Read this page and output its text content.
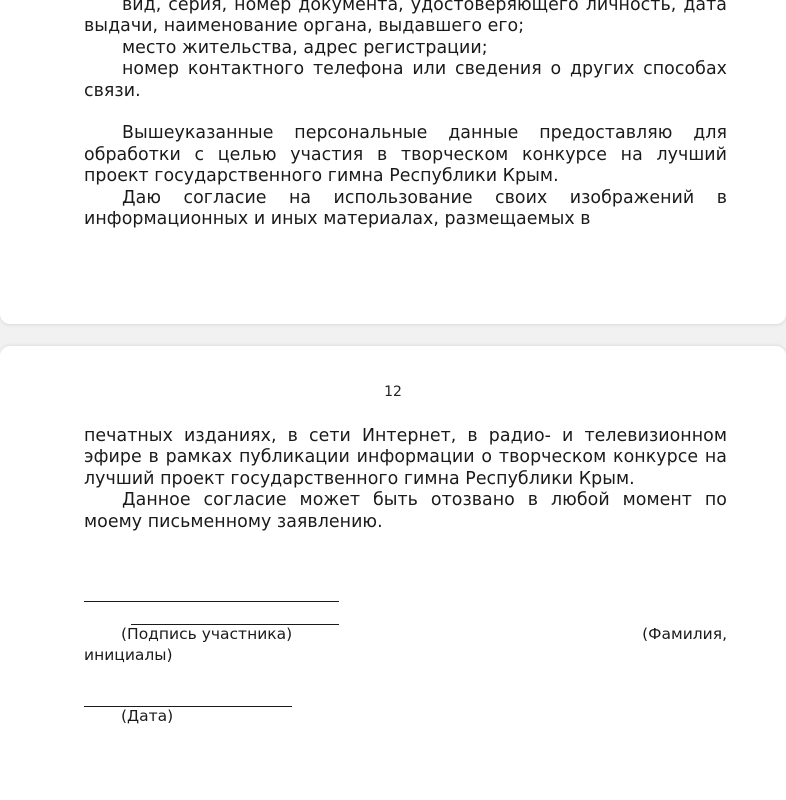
вид, серия, номер документа, удостоверяющего личность, дата выдачи, наименование органа, выдавшего его;

место жительства, адрес регистрации;

номер контактного телефона или сведения о других способах связи.

Вышеуказанные персональные данные предоставляю для обработки с целью участия в творческом конкурсе на лучший проект государственного гимна Республики Крым.

Даю согласие на использование своих изображений в информационных и иных материалах, размещаемых в

12

печатных изданиях, в сети Интернет, в радио- и телевизионном эфире в рамках публикации информации о творческом конкурсе на лучший проект государственного гимна Республики Крым.

Данное согласие может быть отозвано в любой момент по моему письменному заявлению.

(Подпись участника)	(Фамилия,
инициалы)
(Дата)
